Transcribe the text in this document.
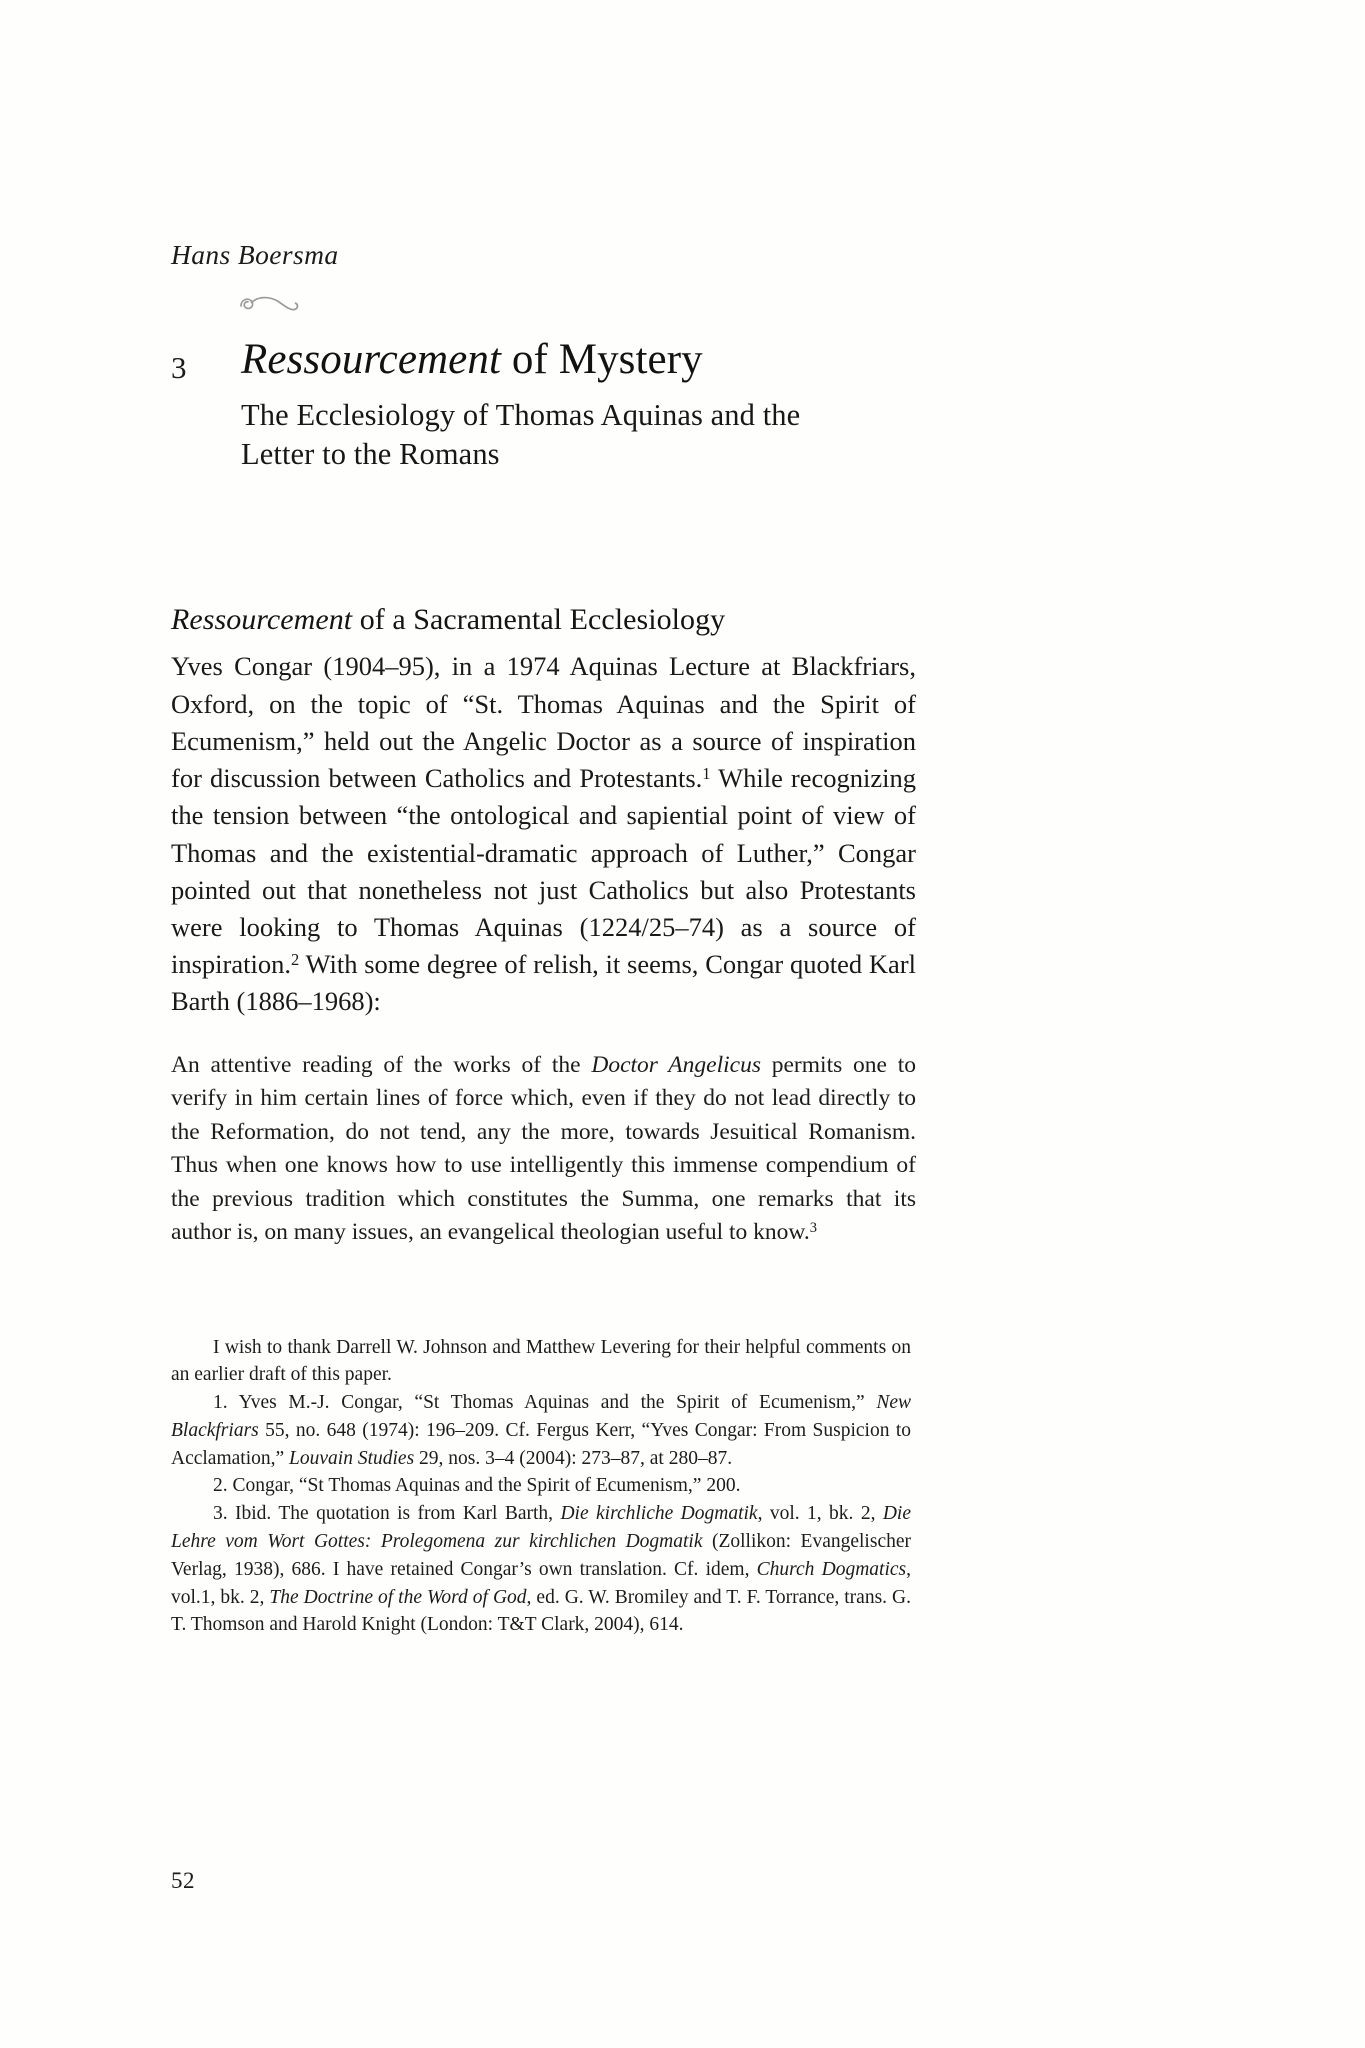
Hans Boersma
3 Ressourcement of Mystery
The Ecclesiology of Thomas Aquinas and the Letter to the Romans
Ressourcement of a Sacramental Ecclesiology

Yves Congar (1904–95), in a 1974 Aquinas Lecture at Blackfriars, Oxford, on the topic of “St. Thomas Aquinas and the Spirit of Ecumenism,” held out the Angelic Doctor as a source of inspiration for discussion between Catholics and Protestants.$^1$ While recognizing the tension between “the ontological and sapiential point of view of Thomas and the existential-dramatic approach of Luther,” Congar pointed out that nonetheless not just Catholics but also Protestants were looking to Thomas Aquinas (1224/25–74) as a source of inspiration.$^2$ With some degree of relish, it seems, Congar quoted Karl Barth (1886–1968):

An attentive reading of the works of the Doctor Angelicus permits one to verify in him certain lines of force which, even if they do not lead directly to the Reformation, do not tend, any the more, towards Jesuitical Romanism. Thus when one knows how to use intelligently this immense compendium of the previous tradition which constitutes the Summa, one remarks that its author is, on many issues, an evangelical theologian useful to know.$^3$

I wish to thank Darrell W. Johnson and Matthew Levering for their helpful comments on an earlier draft of this paper.

1. Yves M.-J. Congar, “St Thomas Aquinas and the Spirit of Ecumenism,” New Blackfriars 55, no. 648 (1974): 196–209. Cf. Fergus Kerr, “Yves Congar: From Suspicion to Acclamation,” Louvain Studies 29, nos. 3–4 (2004): 273–87, at 280–87.

2. Congar, “St Thomas Aquinas and the Spirit of Ecumenism,” 200.

3. Ibid. The quotation is from Karl Barth, Die kirchliche Dogmatik, vol. 1, bk. 2, Die Lehre vom Wort Gottes: Prolegomena zur kirchlichen Dogmatik (Zollikon: Evangelischer Verlag, 1938), 686. I have retained Congar’s own translation. Cf. idem, Church Dogmatics, vol.1, bk. 2, The Doctrine of the Word of God, ed. G. W. Bromiley and T. F. Torrance, trans. G. T. Thomson and Harold Knight (London: T&T Clark, 2004), 614.

52
